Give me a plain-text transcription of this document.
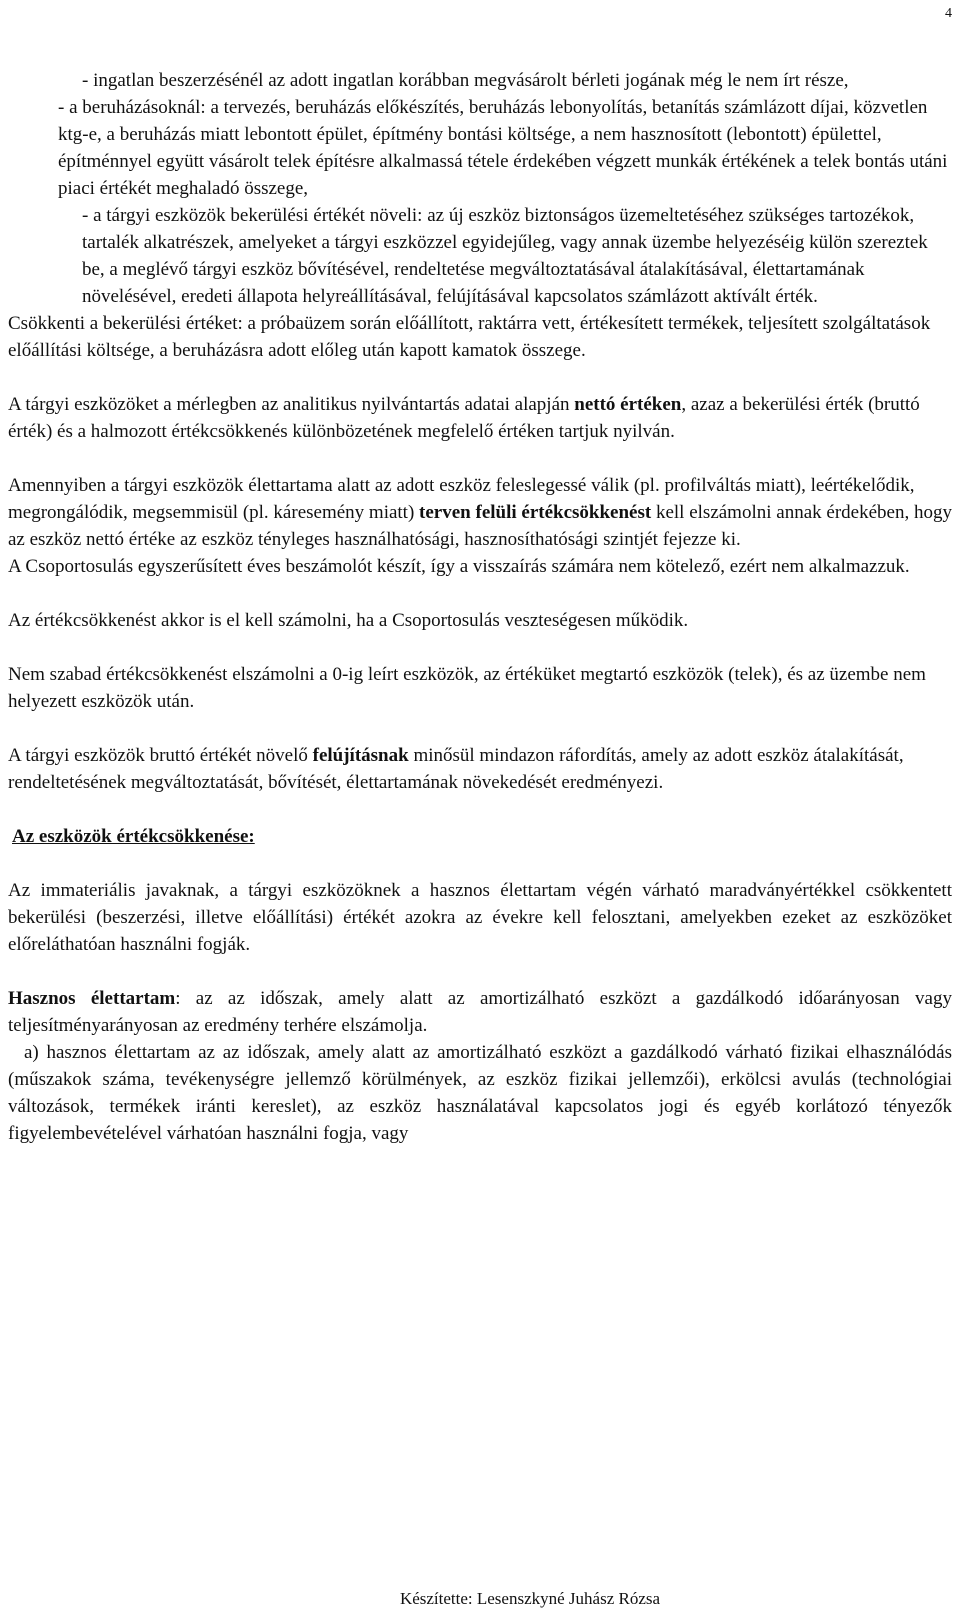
4

- ingatlan beszerzésénél az adott ingatlan korábban megvásárolt bérleti jogának még le nem írt része,

- a beruházásoknál: a tervezés, beruházás előkészítés, beruházás lebonyolítás, betanítás számlázott díjai, közvetlen ktg-e, a beruházás miatt lebontott épület, építmény bontási költsége, a nem hasznosított (lebontott) épülettel, építménnyel együtt vásárolt telek építésre alkalmassá tétele érdekében végzett munkák értékének a telek bontás utáni piaci értékét meghaladó összege,

- a tárgyi eszközök bekerülési értékét növeli: az új eszköz biztonságos üzemeltetéséhez szükséges tartozékok, tartalék alkatrészek, amelyeket a tárgyi eszközzel egyidejűleg, vagy annak üzembe helyezéséig külön szereztek be, a meglévő tárgyi eszköz bővítésével, rendeltetése megváltoztatásával átalakításával, élettartamának növelésével, eredeti állapota helyreállításával, felújításával kapcsolatos számlázott aktívált érték.

Csökkenti a bekerülési értéket: a próbaüzem során előállított, raktárra vett, értékesített termékek, teljesített szolgáltatások előállítási költsége, a beruházásra adott előleg után kapott kamatok összege.

A tárgyi eszközöket a mérlegben az analitikus nyilvántartás adatai alapján nettó értéken, azaz a bekerülési érték (bruttó érték) és a halmozott értékcsökkenés különbözetének megfelelő értéken tartjuk nyilván.

Amennyiben a tárgyi eszközök élettartama alatt az adott eszköz feleslegessé válik (pl. profilváltás miatt), leértékelődik, megrongálódik, megsemmisül (pl. káresemény miatt) terven felüli értékcsökkenést kell elszámolni annak érdekében, hogy az eszköz nettó értéke az eszköz tényleges használhatósági, hasznosíthatósági szintjét fejezze ki.

A Csoportosulás egyszerűsített éves beszámolót készít, így a visszaírás számára nem kötelező, ezért nem alkalmazzuk.

Az értékcsökkenést akkor is el kell számolni, ha a Csoportosulás veszteségesen működik.

Nem szabad értékcsökkenést elszámolni a 0-ig leírt eszközök, az értéküket megtartó eszközök (telek), és az üzembe nem helyezett eszközök után.

A tárgyi eszközök bruttó értékét növelő felújításnak minősül mindazon ráfordítás, amely az adott eszköz átalakítását, rendeltetésének megváltoztatását, bővítését, élettartamának növekedését eredményezi.

Az eszközök értékcsökkenése:

Az immateriális javaknak, a tárgyi eszközöknek a hasznos élettartam végén várható maradványértékkel csökkentett bekerülési (beszerzési, illetve előállítási) értékét azokra az évekre kell felosztani, amelyekben ezeket az eszközöket előreláthatóan használni fogják.

Hasznos élettartam: az az időszak, amely alatt az amortizálható eszközt a gazdálkodó időarányosan vagy teljesítményarányosan az eredmény terhére elszámolja.

a) hasznos élettartam az az időszak, amely alatt az amortizálható eszközt a gazdálkodó várható fizikai elhasználódás (műszakok száma, tevékenységre jellemző körülmények, az eszköz fizikai jellemzői), erkölcsi avulás (technológiai változások, termékek iránti kereslet), az eszköz használatával kapcsolatos jogi és egyéb korlátozó tényezők figyelembevételével várhatóan használni fogja, vagy

Készítette: Lesenszkyné Juhász Rózsa
